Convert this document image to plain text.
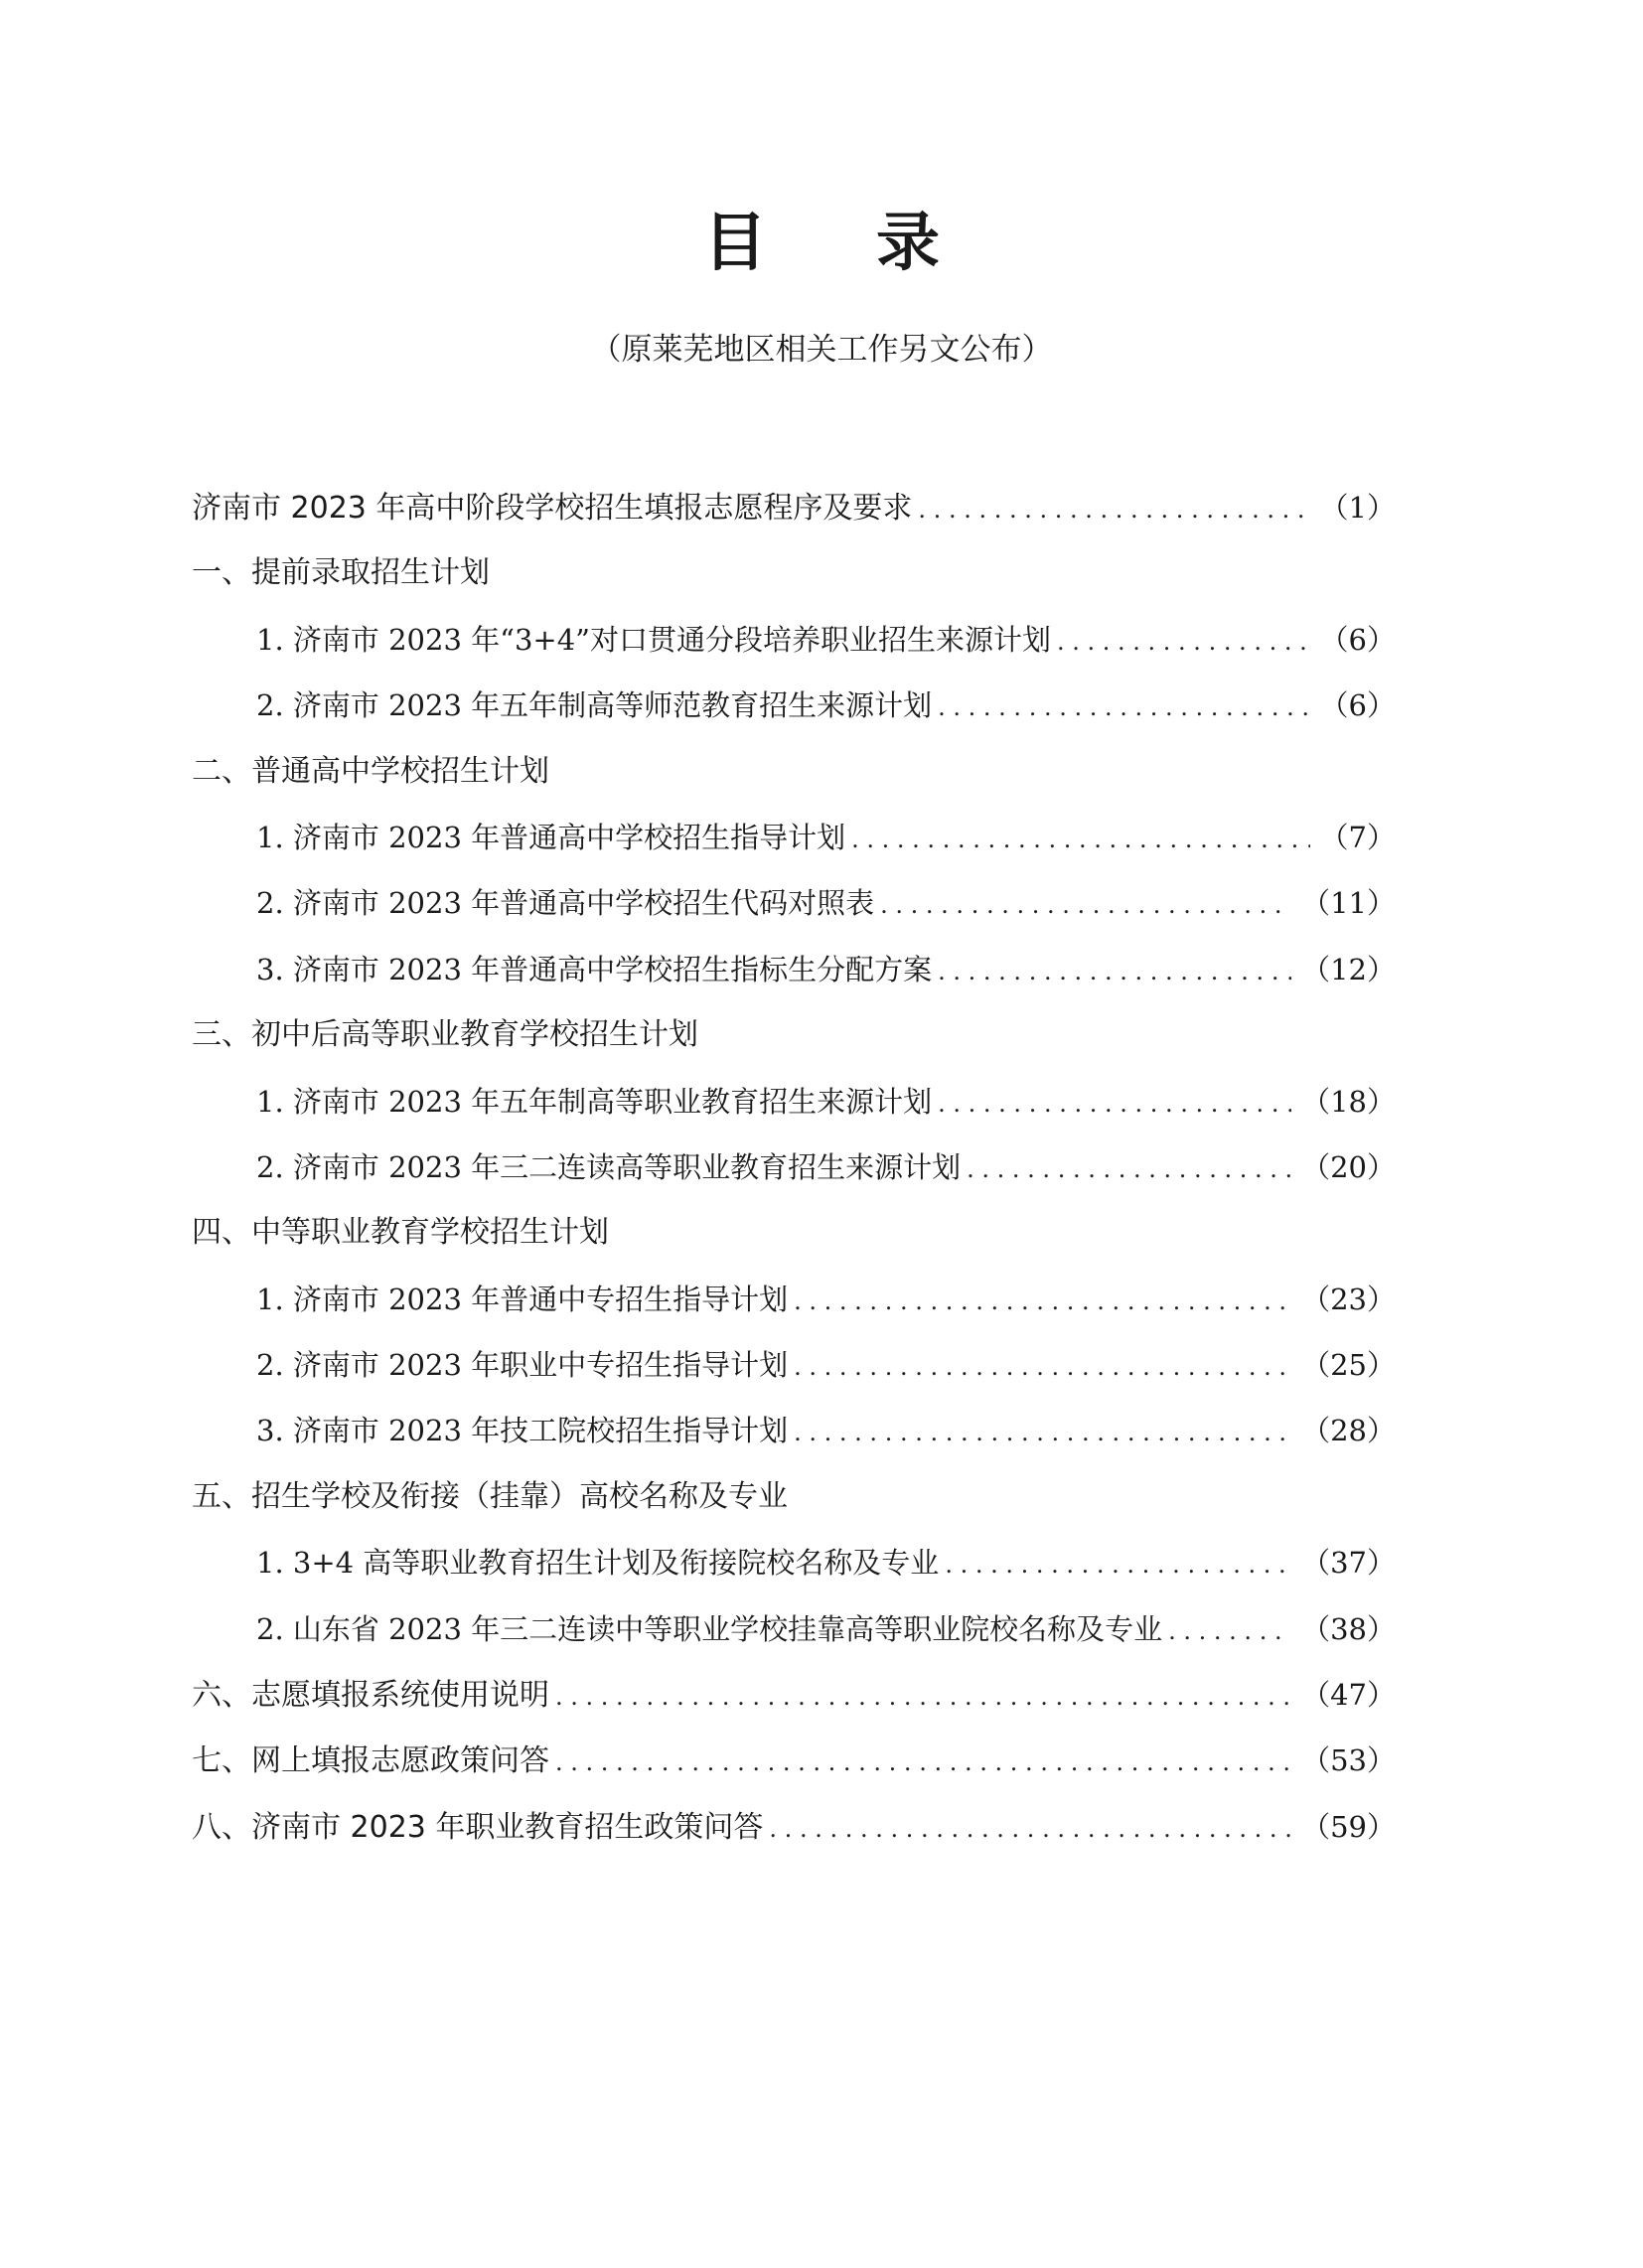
目录
（原莱芜地区相关工作另文公布）
济南市 2023 年高中阶段学校招生填报志愿程序及要求 . . .	（1）
一、提前录取招生计划
1. 济南市 2023 年“3+4”对口贯通分段培养职业招生来源计划 . . .	（6）
2. 济南市 2023 年五年制高等师范教育招生来源计划 . . .	（6）
二、普通高中学校招生计划
1. 济南市 2023 年普通高中学校招生指导计划 . . .	（7）
2. 济南市 2023 年普通高中学校招生代码对照表 . . .	（11）
3. 济南市 2023 年普通高中学校招生指标生分配方案 . . .	（12）
三、初中后高等职业教育学校招生计划
1. 济南市 2023 年五年制高等职业教育招生来源计划 . . .	（18）
2. 济南市 2023 年三二连读高等职业教育招生来源计划 . . .	（20）
四、中等职业教育学校招生计划
1. 济南市 2023 年普通中专招生指导计划 . . .	（23）
2. 济南市 2023 年职业中专招生指导计划 . . .	（25）
3. 济南市 2023 年技工院校招生指导计划 . . .	（28）
五、招生学校及衔接（挂靠）高校名称及专业
1. 3+4 高等职业教育招生计划及衔接院校名称及专业 . . .	（37）
2. 山东省 2023 年三二连读中等职业学校挂靠高等职业院校名称及专业 . . .	（38）
六、志愿填报系统使用说明 . . .	（47）
七、网上填报志愿政策问答 . . .	（53）
八、济南市 2023 年职业教育招生政策问答 . . .	（59）
